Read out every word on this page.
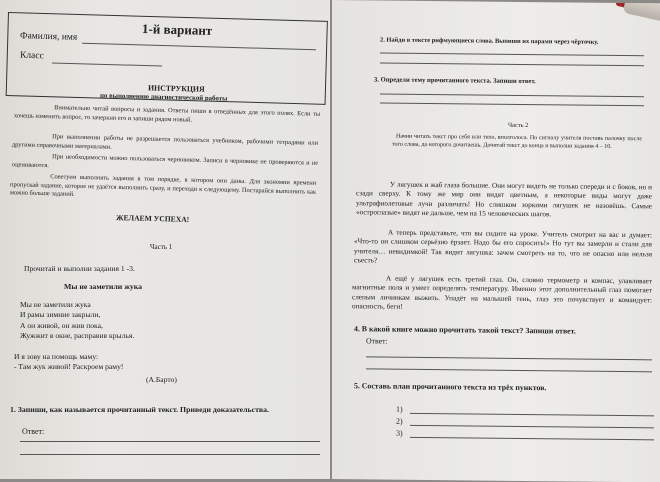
1-й вариант
Фамилия, имя
Класс
ИНСТРУКЦИЯ
по выполнению диагностической работы
Внимательно читай вопросы и задания. Ответы пиши в отведённых для этого полях. Если ты хочешь изменить вопрос, то зачеркни его и запиши рядом новый.
При выполнении работы не разрешается пользоваться учебником, рабочими тетрадями или другими справочными материалами.
При необходимости можно пользоваться черновиком. Записи в черновике не проверяются и не оцениваются.
Советуем выполнять задания в том порядке, в котором они даны. Для экономии времени пропускай задание, которое не удаётся выполнить сразу, и переходи к следующему. Постарайся выполнить как можно больше заданий.
ЖЕЛАЕМ УСПЕХА!
Часть 1
Прочитай и выполни задания 1 -3.
Мы не заметили жука
Мы не заметили жука
И рамы зимние закрыли,
А он живой, он жив пока,
Жужжит в окне, расправив крылья.
И я зову на помощь маму:
- Там жук живой! Раскроем раму!
(А.Барто)
1. Запиши, как называется прочитанный текст. Приведи доказательства.
Ответ:
2. Найди в тексте рифмующиеся слова. Выпиши их парами через чёрточку.
3. Определи тему прочитанного текста. Запиши ответ.
Часть 2
Начни читать текст про себя или тихо, вполголоса. По сигналу учителя поставь палочку после того слова, до которого дочитаешь. Дочитай текст до конца и выполни задания 4 – 10.
У лягушек и жаб глаза большие. Они могут видеть не только спереди и с боков, но и сзади сверху. К тому же мир они видят цветным, а некоторые виды могут даже ультрафиолетовые лучи различать! Но слишком зоркими лягушек не назовёшь. Самые «остроглазые» видят не дальше, чем на 15 человеческих шагов.
А теперь представьте, что вы сидите на уроке. Учитель смотрит на вас и думает: «Что-то он слишком серьёзно ёрзает. Надо бы его спросить!» Но тут вы замерли и стали для учителя… невидимкой! Так видит лягушка: зачем смотреть на то, что не опасно или нельзя съесть?
А ещё у лягушек есть третий глаз. Он, словно термометр и компас, улавливает магнитные поля и умеет определять температуру. Именно этот дополнительный глаз помогает слепым личинкам выжить. Упадёт на малышей тень, глаз это почувствует и командует: опасность, беги!
4. В какой книге можно прочитать такой текст? Запиши ответ.
Ответ:
5. Составь план прочитанного текста из трёх пунктов.
1)
2)
3)
